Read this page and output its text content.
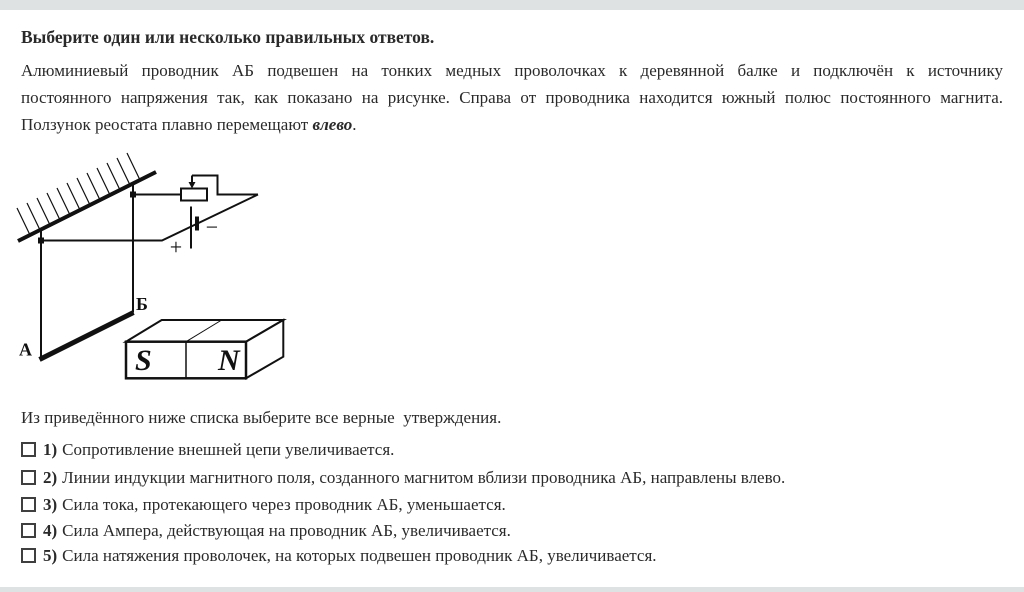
Выберите один или несколько правильных ответов.
Алюминиевый проводник АБ подвешен на тонких медных проволочках к деревянной балке и подключён к источнику
постоянного напряжения так, как показано на рисунке. Справа от проводника находится южный полюс постоянного магнита.
Ползунок реостата плавно перемещают влево.
+
−
А
Б
S N
Из приведённого ниже списка выберите все верные  утверждения.
1) Сопротивление внешней цепи увеличивается.
2) Линии индукции магнитного поля, созданного магнитом вблизи проводника АБ, направлены влево.
3) Сила тока, протекающего через проводник АБ, уменьшается.
4) Сила Ампера, действующая на проводник АБ, увеличивается.
5) Сила натяжения проволочек, на которых подвешен проводник АБ, увеличивается.
